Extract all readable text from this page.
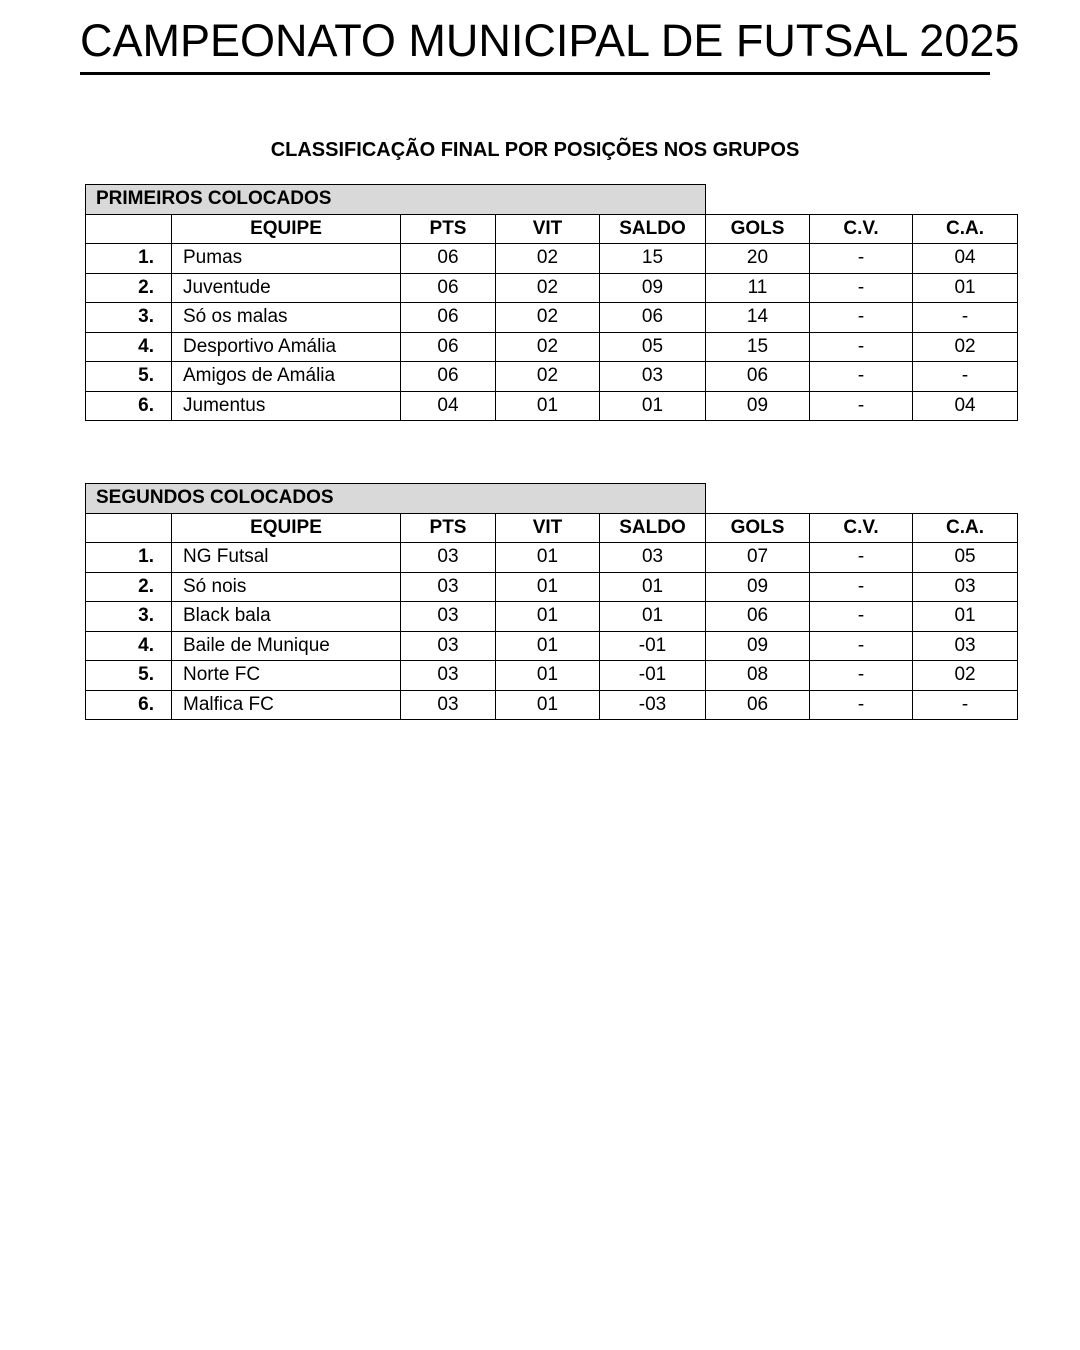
CAMPEONATO MUNICIPAL DE FUTSAL 2025
CLASSIFICAÇÃO FINAL POR POSIÇÕES NOS GRUPOS
PRIMEIROS COLOCADOS							
	EQUIPE	PTS	VIT	SALDO	GOLS	C.V.	C.A.
1.	Pumas	06	02	15	20	-	04
2.	Juventude	06	02	09	11	-	01
3.	Só os malas	06	02	06	14	-	-
4.	Desportivo Amália	06	02	05	15	-	02
5.	Amigos de Amália	06	02	03	06	-	-
6.	Jumentus	04	01	01	09	-	04
SEGUNDOS COLOCADOS							
	EQUIPE	PTS	VIT	SALDO	GOLS	C.V.	C.A.
1.	NG Futsal	03	01	03	07	-	05
2.	Só nois	03	01	01	09	-	03
3.	Black bala	03	01	01	06	-	01
4.	Baile de Munique	03	01	-01	09	-	03
5.	Norte FC	03	01	-01	08	-	02
6.	Malfica FC	03	01	-03	06	-	-
